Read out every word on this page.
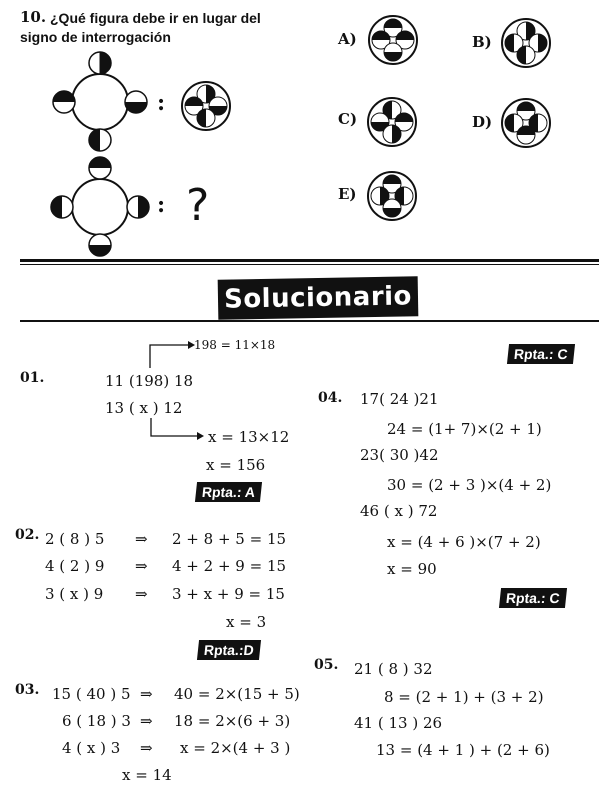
10. ¿Qué figura debe ir en lugar del
signo de interrogación
:
: ?
A)	B)
C)	D)
E)
Solucionario
01.
198 = 11×18
11 (198) 18
13 ( x ) 12
x = 13×12
x = 156
Rpta.: A
Rpta.: C
02. 2 ( 8 ) 5 ⇒ 2 + 8 + 5 = 15
4 ( 2 ) 9 ⇒ 4 + 2 + 9 = 15
3 ( x ) 9 ⇒ 3 + x + 9 = 15
x = 3
Rpta.:D
03. 15 ( 40 ) 5 ⇒ 40 = 2×(15 + 5)
6 ( 18 ) 3 ⇒ 18 = 2×(6 + 3)
4 ( x ) 3 ⇒ x = 2×(4 + 3 )
x = 14
04. 17( 24 )21
24 = (1+ 7)×(2 + 1)
23( 30 )42
30 = (2 + 3 )×(4 + 2)
46 ( x ) 72
x = (4 + 6 )×(7 + 2)
x = 90
Rpta.: C
05. 21 ( 8 ) 32
8 = (2 + 1) + (3 + 2)
41 ( 13 ) 26
13 = (4 + 1 ) + (2 + 6)
